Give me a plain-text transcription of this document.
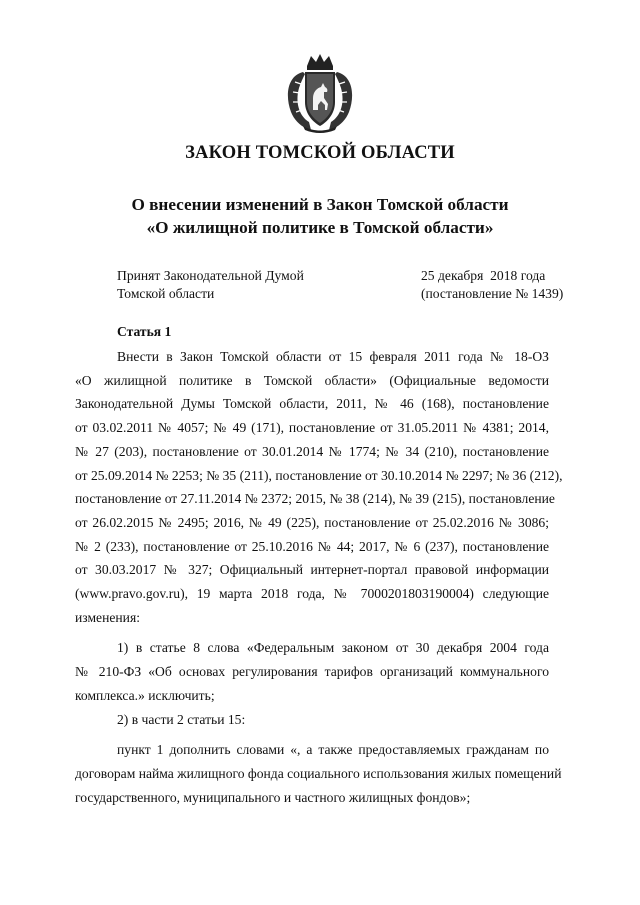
ЗАКОН ТОМСКОЙ ОБЛАСТИ
О внесении изменений в Закон Томской области
«О жилищной политике в Томской области»
Принят Законодательной Думой
Томской области
25 декабря  2018 года
(постановление № 1439)
Статья 1

Внести в Закон Томской области от 15 февраля 2011 года № 18-ОЗ
«О жилищной политике в Томской области» (Официальные ведомости
Законодательной Думы Томской области, 2011, № 46 (168), постановление
от 03.02.2011 № 4057; № 49 (171), постановление от 31.05.2011 № 4381; 2014,
№ 27 (203), постановление от 30.01.2014 № 1774; № 34 (210), постановление
от 25.09.2014 № 2253; № 35 (211), постановление от 30.10.2014 № 2297; № 36 (212),
постановление от 27.11.2014 № 2372; 2015, № 38 (214), № 39 (215), постановление
от 26.02.2015 № 2495; 2016, № 49 (225), постановление от 25.02.2016 № 3086;
№ 2 (233), постановление от 25.10.2016 № 44; 2017, № 6 (237), постановление
от 30.03.2017 № 327; Официальный интернет-портал правовой информации
(www.pravo.gov.ru), 19 марта 2018 года, № 7000201803190004) следующие
изменения:

1) в статье 8 слова «Федеральным законом от 30 декабря 2004 года
№ 210-ФЗ «Об основах регулирования тарифов организаций коммунального
комплекса.» исключить;

2) в части 2 статьи 15:

пункт 1 дополнить словами «, а также предоставляемых гражданам по
договорам найма жилищного фонда социального использования жилых помещений
государственного, муниципального и частного жилищных фондов»;
